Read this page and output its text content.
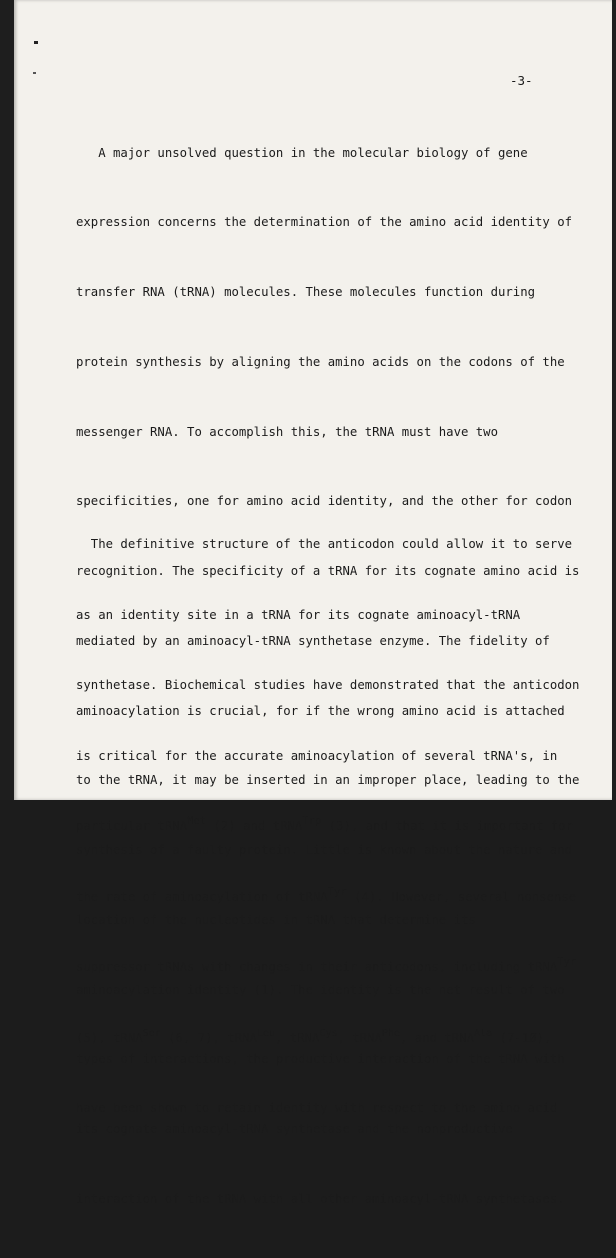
-3-

A major unsolved question in the molecular biology of gene

expression concerns the determination of the amino acid identity of

transfer RNA (tRNA) molecules. These molecules function during

protein synthesis by aligning the amino acids on the codons of the

messenger RNA. To accomplish this, the tRNA must have two

specificities, one for amino acid identity, and the other for codon

recognition. The specificity of a tRNA for its cognate amino acid is

mediated by an aminoacyl-tRNA synthetase enzyme. The fidelity of

aminoacylation is crucial, for if the wrong amino acid is attached

to the tRNA, it may be inserted in an improper place, leading to the

synthesis of a faulty protein. Little is known about the nature and

location of the nucleotides in tRNA that determine its

aminoacylation identity (1). The identity is the net result of two

types of interactions, the productive interaction of the tRNA with

its cognate aminoacyl-tRNA synthetase and the nonproductive

interaction of the tRNA with all other aminoacyl-tRNA synthetases.

The definitive structure of the anticodon could allow it to serve

as an identity site in a tRNA for its cognate aminoacyl-tRNA

synthetase. Biochemical studies have demonstrated that the anticodon

is critical for the accurate aminoacylation of several tRNA's, in

particular tRNA$^{Met}$ (2) and tRNA$^{Trp}$ (3), and that it is important for

the rate of aminoacylation of tRNA$^{Tyr}$ (4). However, several nonsense

suppressor tRNAs with changes in their anticodons, including tRNA$^{Tyr}$

(5), tRNA$^{Ser}$ (6, 7), tRNA$^{Leu}$, tRNA$^{Cys}$, tRNA$^{Phe}$, and tRNA$^{Ala}$ (7-1Ø),

have been shown to retain identity with respect to the amino acid
